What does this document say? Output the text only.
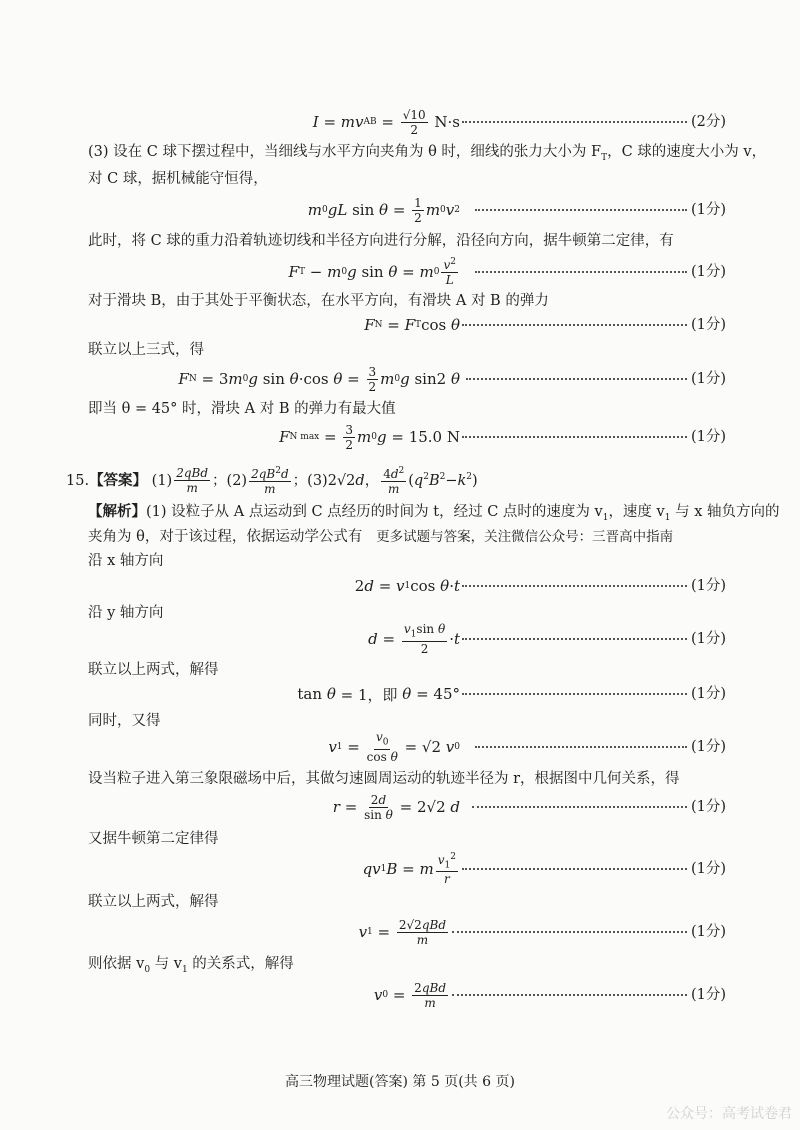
I = mv AB = $\frac{√10}{2} N\cdot s$	(2分)
(3) 设在 C 球下摆过程中，当细线与水平方向夹角为 θ 时，细线的张力大小为 $F_T$，C 球的速度大小为 v，
对 C 球，据机械能守恒得，
m 0 gL $\sin \theta = \frac{1}{2}$ m 0 v 2	(1分)
此时，将 C 球的重力沿着轨迹切线和半径方向进行分解，沿径向方向，据牛顿第二定律，有
F T − m 0 g sin θ = m $0 \frac{v^2}{L}$	(1分)
对于滑块 B，由于其处于平衡状态，在水平方向，有滑块 A 对 B 的弹力
F N = F T cos θ	(1分)
联立以上三式，得
F N = 3 m 0 g sin θ ·cos $\theta = \frac{3}{2}$ m 0 g sin2 θ	(1分)
即当 θ = 45° 时，滑块 A 对 B 的弹力有最大值
F N $\max = \frac{3}{2}$ m 0 g = 15.0 N	(1分)
15.【答案】 $(1) \frac{\text{2qBd}}{m}$ ；$(2) \frac{2qB^2d}{m}$ ；(3)2√2d， $\frac{4d^2}{m} (q^2B^2-k^2)$
【解析】(1) 设粒子从 A 点运动到 C 点经历的时间为 t，经过 C 点时的速度为 $v_1$，速度 $v_1$ 与 x 轴负方向的
夹角为 θ，对于该过程，依据运动学公式有 更多试题与答案，关注微信公众号：三晋高中指南
沿 x 轴方向
2 d = v 1 cos θ · t	(1分)
沿 y 轴方向
$d = \frac{v_1\sin \theta}{2} \cdot t$	(1分)
联立以上两式，解得
tan θ = 1，即 θ = 45°	(1分)
同时，又得
v $1 = \frac{v_0}{\text{cos θ}} = √2$ v 0	(1分)
设当粒子进入第三象限磁场中后，其做匀速圆周运动的轨迹半径为 r，根据图中几何关系，得
$r = \frac{2d}{\text{sin θ}} = 2√2$ d	(1分)
又据牛顿第二定律得
qv 1 B = m $\frac{v_1^2}{r}$	(1分)
联立以上两式，解得
v $1 = \frac{\text{2√2qBd}}{m}$	(1分)
则依据 $v_0$ 与 $v_1$ 的关系式，解得
v $0 = \frac{\text{2qBd}}{m}$	(1分)
高三物理试题(答案) 第 5 页(共 6 页)
公众号：高考试卷君
